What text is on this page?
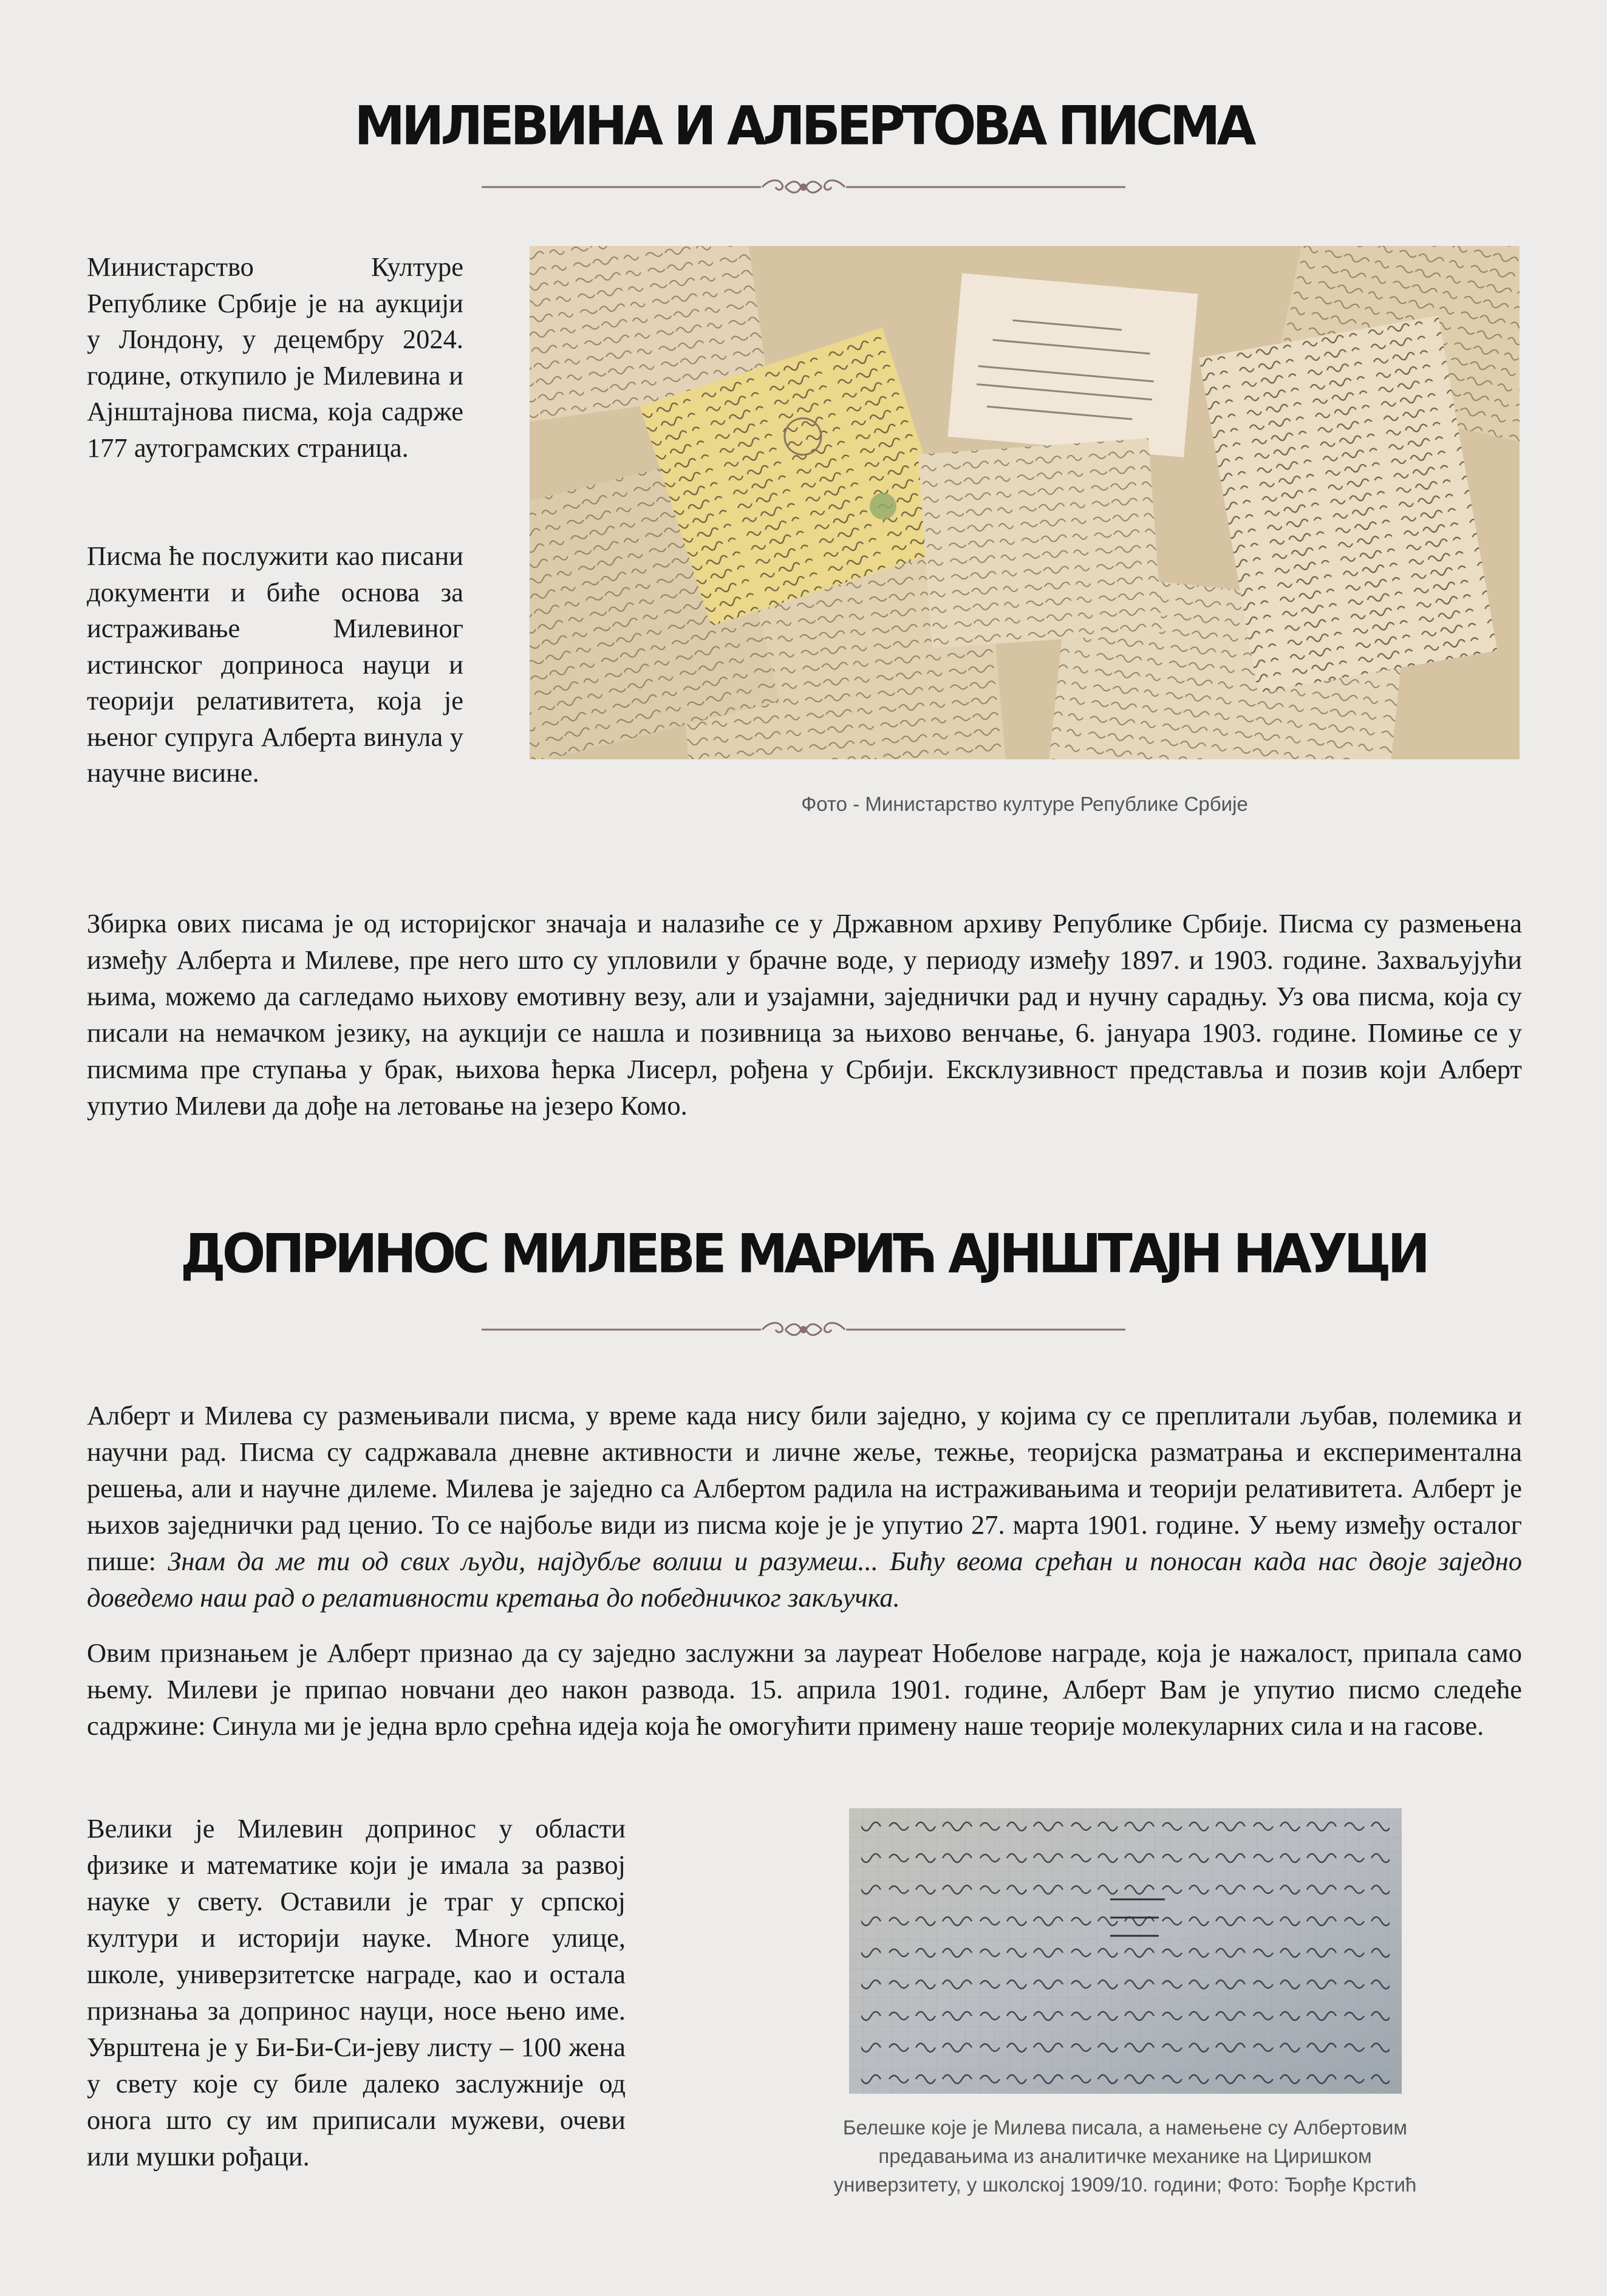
МИЛЕВИНА И АЛБЕРТОВА ПИСМА

Министарство Културе Републике Србије је на аукцији у Лондону, у децембру 2024. године, откупило је Милевина и Ајнштајнова писма, која садрже 177 аутограмских страница.

Писма ће послужити као писани документи и биће основа за истраживање Милевиног истинског доприноса науци и теорији релативитета, која је њеног супруга Алберта винула у научне висине.

Фото - Министарство културе Републике Србије

Збирка ових писама је од историјског значаја и налазиће се у Државном архиву Републике Србије. Писма су размењена између Алберта и Милеве, пре него што су упловили у брачне воде, у периоду између 1897. и 1903. године. Захваљујући њима, можемо да сагледамо њихову емотивну везу, али и узајамни, заједнички рад и нучну сарадњу. Уз ова писма, која су писали на немачком језику, на аукцији се нашла и позивница за њихово венчање, 6. јануара 1903. године. Помиње се у писмима пре ступања у брак, њихова ћерка Лисерл, рођена у Србији. Ексклузивност представља и позив који Алберт упутио Милеви да дође на летовање на језеро Комо.

ДОПРИНОС МИЛЕВЕ МАРИЋ АЈНШТАЈН НАУЦИ

Алберт и Милева су размењивали писма, у време када нису били заједно, у којима су се преплитали љубав, полемика и научни рад. Писма су садржавала дневне активности и личне жеље, тежње, теоријска разматрања и експериментална решења, али и научне дилеме. Милева је заједно са Албертом радила на истраживањима и теорији релативитета. Алберт је њихов заједнички рад ценио. То се најбоље види из писма које је је упутио 27. марта 1901. године. У њему између осталог пише: Знам да ме ти од свих људи, најдубље волиш и разумеш... Бићу веома срећан и поносан када нас двоје заједно доведемо наш рад о релативности кретања до победничког закључка.

Овим признањем је Алберт признао да су заједно заслужни за лауреат Нобелове награде, која је нажалост, припала само њему. Милеви је припао новчани део након развода. 15. априла 1901. године, Алберт Вам је упутио писмо следеће садржине: Синула ми је једна врло срећна идеја која ће омогућити примену наше теорије молекуларних сила и на гасове.

Велики је Милевин допринос у области физике и математике који је имала за развој науке у свету. Оставили је траг у српској култури и историји науке. Многе улице, школе, универзитетске награде, као и остала признања за допринос науци, носе њено име. Уврштена је у Би-Би-Си-јеву листу – 100 жена у свету које су биле далеко заслужније од онога што су им приписали мужеви, очеви или мушки рођаци.

Белешке које је Милева писала, а намењене су Албертовим предавањима из аналитичке механике на Циришком универзитету, у школској 1909/10. години; Фото: Ђорђе Крстић
